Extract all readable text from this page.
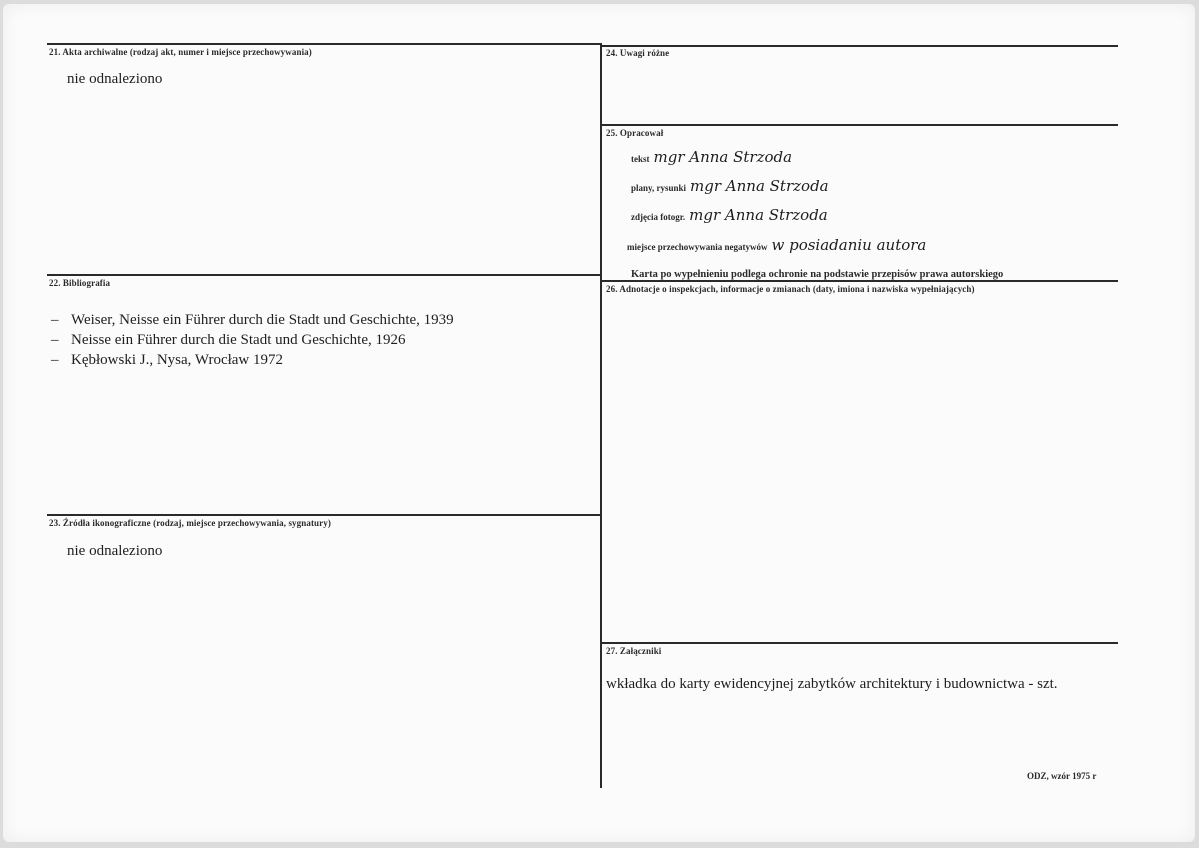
21. Akta archiwalne (rodzaj akt, numer i miejsce przechowywania)
nie odnaleziono
22. Bibliografia
– Weiser, Neisse ein Führer durch die Stadt und Geschichte, 1939
– Neisse ein Führer durch die Stadt und Geschichte, 1926
– Kębłowski J., Nysa, Wrocław 1972
23. Źródła ikonograficzne (rodzaj, miejsce przechowywania, sygnatury)
nie odnaleziono
24. Uwagi różne
25. Opracował
tekst mgr Anna Strzoda
plany, rysunki mgr Anna Strzoda
zdjęcia fotogr. mgr Anna Strzoda
miejsce przechowywania negatywów w posiadaniu autora
Karta po wypełnieniu podlega ochronie na podstawie przepisów prawa autorskiego
26. Adnotacje o inspekcjach, informacje o zmianach (daty, imiona i nazwiska wypełniających)
27. Załączniki
wkładka do karty ewidencyjnej zabytków architektury i budownictwa - szt.
ODZ, wzór 1975 r
